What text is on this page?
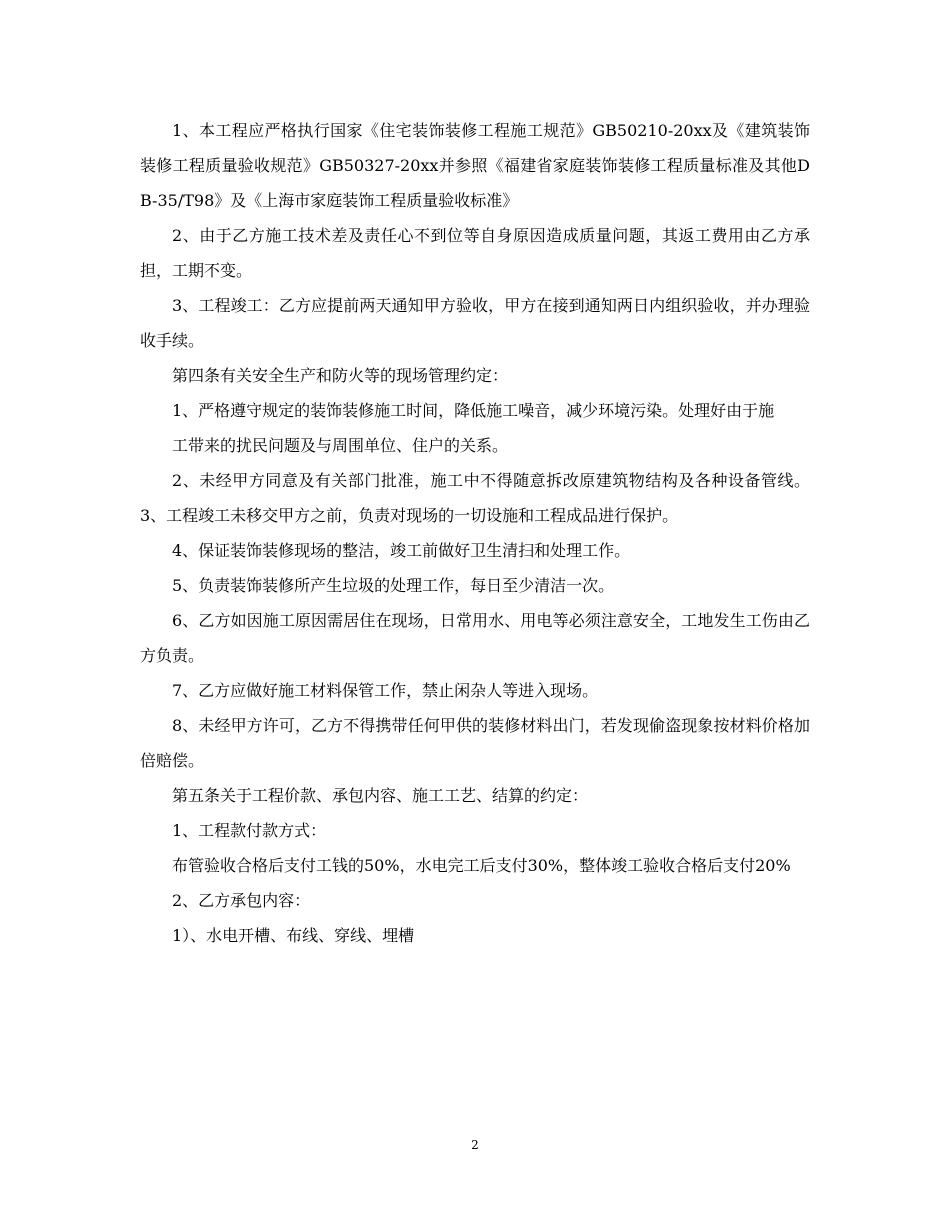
1、本工程应严格执行国家《住宅装饰装修工程施工规范》GB50210-20xx及《建筑装饰装修工程质量验收规范》GB50327-20xx并参照《福建省家庭装饰装修工程质量标准及其他DB-35/T98》及《上海市家庭装饰工程质量验收标准》

2、由于乙方施工技术差及责任心不到位等自身原因造成质量问题，其返工费用由乙方承担，工期不变。

3、工程竣工：乙方应提前两天通知甲方验收，甲方在接到通知两日内组织验收，并办理验收手续。

第四条有关安全生产和防火等的现场管理约定：

1、严格遵守规定的装饰装修施工时间，降低施工噪音，减少环境污染。处理好由于施

工带来的扰民问题及与周围单位、住户的关系。

2、未经甲方同意及有关部门批准，施工中不得随意拆改原建筑物结构及各种设备管线。3、工程竣工未移交甲方之前，负责对现场的一切设施和工程成品进行保护。

4、保证装饰装修现场的整洁，竣工前做好卫生清扫和处理工作。

5、负责装饰装修所产生垃圾的处理工作，每日至少清洁一次。

6、乙方如因施工原因需居住在现场，日常用水、用电等必须注意安全，工地发生工伤由乙方负责。

7、乙方应做好施工材料保管工作，禁止闲杂人等进入现场。

8、未经甲方许可，乙方不得携带任何甲供的装修材料出门，若发现偷盗现象按材料价格加倍赔偿。

第五条关于工程价款、承包内容、施工工艺、结算的约定：

1、工程款付款方式：

布管验收合格后支付工钱的50%，水电完工后支付30%，整体竣工验收合格后支付20%

2、乙方承包内容：

1）、水电开槽、布线、穿线、埋槽

2
